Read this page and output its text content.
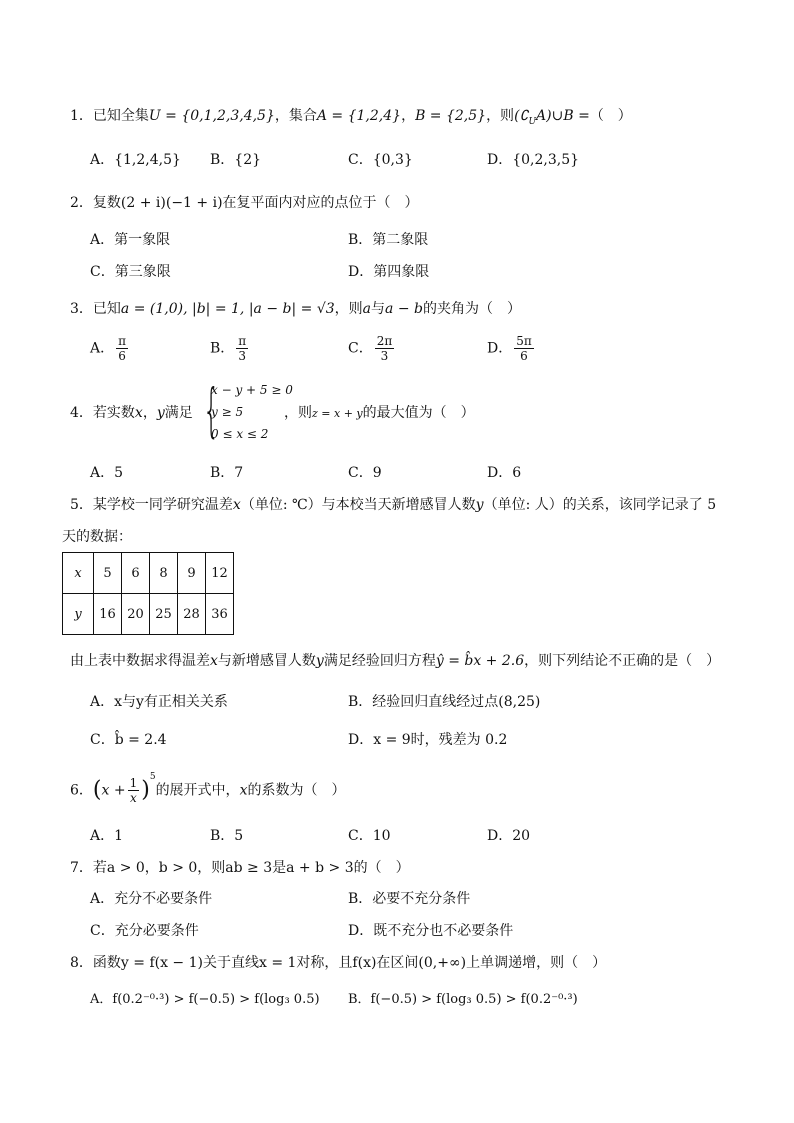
1．已知全集U = {0,1,2,3,4,5}，集合A = {1,2,4}，B = {2,5}，则$(∁_UA)\cup B$ =（　）
A．{1,2,4,5} B．{2}	C．{0,3}	D．{0,2,3,5}
2．复数(2 + i)(−1 + i)在复平面内对应的点位于（　）
A．第一象限	B．第二象限
C．第三象限	D．第四象限
3．已知a = (1,0), |b| = 1, |a − b| = √3，则a与a − b的夹角为（　）
A． $\frac{\pi}{6}$	B． $\frac{\pi}{3}$	C． $\frac{2\pi}{3}$	D． $\frac{5\pi}{6}$
4．若实数x，y满足 {
x − y + 5 ≥ 0
y ≥ 5
0 ≤ x ≤ 2
，则z = x + y的最大值为（　）
A．5	B．7	C．9	D．6
5．某学校一同学研究温差x（单位: ℃）与本校当天新增感冒人数y（单位: 人）的关系，该同学记录了 5
天的数据：
x	5	6	8	9	12
y	16	20	25	28	36
由上表中数据求得温差x与新增感冒人数y满足经验回归方程ŷ = b̂x + 2.6，则下列结论不正确的是（　）
A．x与y有正相关关系	B．经验回归直线经过点(8,25)
C．b̂ = 2.4	D．x = 9时，残差为 0.2
6．$(x + \frac{1}{x} )^5$的展开式中，x的系数为（　）
A．1	B．5	C．10	D．20
7．若a > 0，b > 0，则ab ≥ 3是a + b > 3的（　）
A．充分不必要条件	B．必要不充分条件
C．充分必要条件	D．既不充分也不必要条件
8．函数y = f(x − 1)关于直线x = 1对称，且f(x)在区间(0,+∞)上单调递增，则（　）
A．f(0.2⁻⁰·³) > f(−0.5) > f(log₃ 0.5) B．f(−0.5) > f(log₃ 0.5) > f(0.2⁻⁰·³)
